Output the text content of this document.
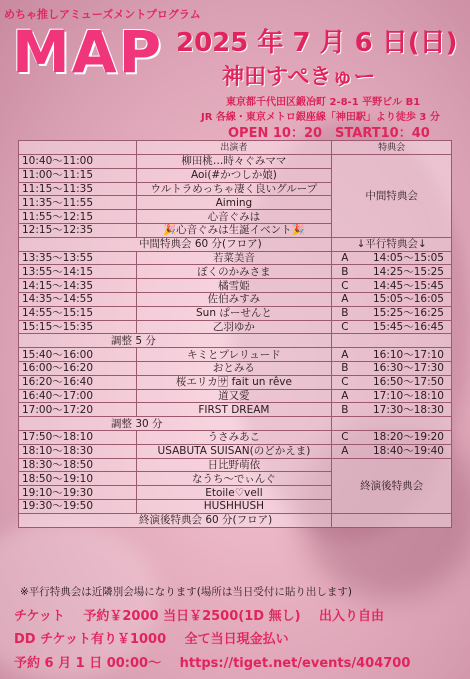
めちゃ推しアミューズメントプログラム
MAP 2025 年 7 月 6 日(日)
神田すぺきゅー
東京都千代田区鍛冶町 2-8-1 平野ビル B1
JR 各線・東京メトロ銀座線「神田駅」より徒歩 3 分
OPEN 10：20　START10：40
	出演者	特典会
10:40〜11:00	柳田桃…時々ぐみママ	中間特典会
11:00〜11:15	Aoi(#かつしか娘)	
11:15〜11:35	ウルトラめっちゃ凄く良いグループ	
11:35〜11:55	Aiming	
11:55〜12:15	心音ぐみは	
12:15〜12:35	🎉心音ぐみは生誕イベント🎉	
中間特典会 60 分(フロア)		↓平行特典会↓
13:35〜13:55	若菜美音	A 14:05〜15:05

13:55〜14:15	ぼくのかみさま	B 14:25〜15:25

14:15〜14:35	橘雪姫	C 14:45〜15:45

14:35〜14:55	佐伯みすみ	A 15:05〜16:05

14:55〜15:15	Sun ぱーせんと	B 15:25〜16:25

15:15〜15:35	乙羽ゆか	C 15:45〜16:45

調整 5 分		
15:40〜16:00	キミとプレリュード	A 16:10〜17:10

16:00〜16:20	おとみる	B 16:30〜17:30

16:20〜16:40	桜エリカ🈂 fait un rêve	C 16:50〜17:50

16:40〜17:00	道又愛	A 17:10〜18:10

17:00〜17:20	FIRST DREAM	B 17:30〜18:30

調整 30 分		
17:50〜18:10	うさみあこ	C 18:20〜19:20

18:10〜18:30	USABUTA SUISAN(のどかえま)	A 18:40〜19:40

18:30〜18:50	日比野萌依	終演後特典会
18:50〜19:10	なうち〜でぃんぐ	
19:10〜19:30	Etoile♡vell	
19:30〜19:50	HUSHHUSH	
終演後特典会 60 分(フロア)		
※平行特典会は近隣別会場になります(場所は当日受付に貼り出します)
チケット 予約￥2000 当日￥2500(1D 無し) 出入り自由
DD チケット有り￥1000 全て当日現金払い
予約 6 月 1 日 00:00〜 https://tiget.net/events/404700
